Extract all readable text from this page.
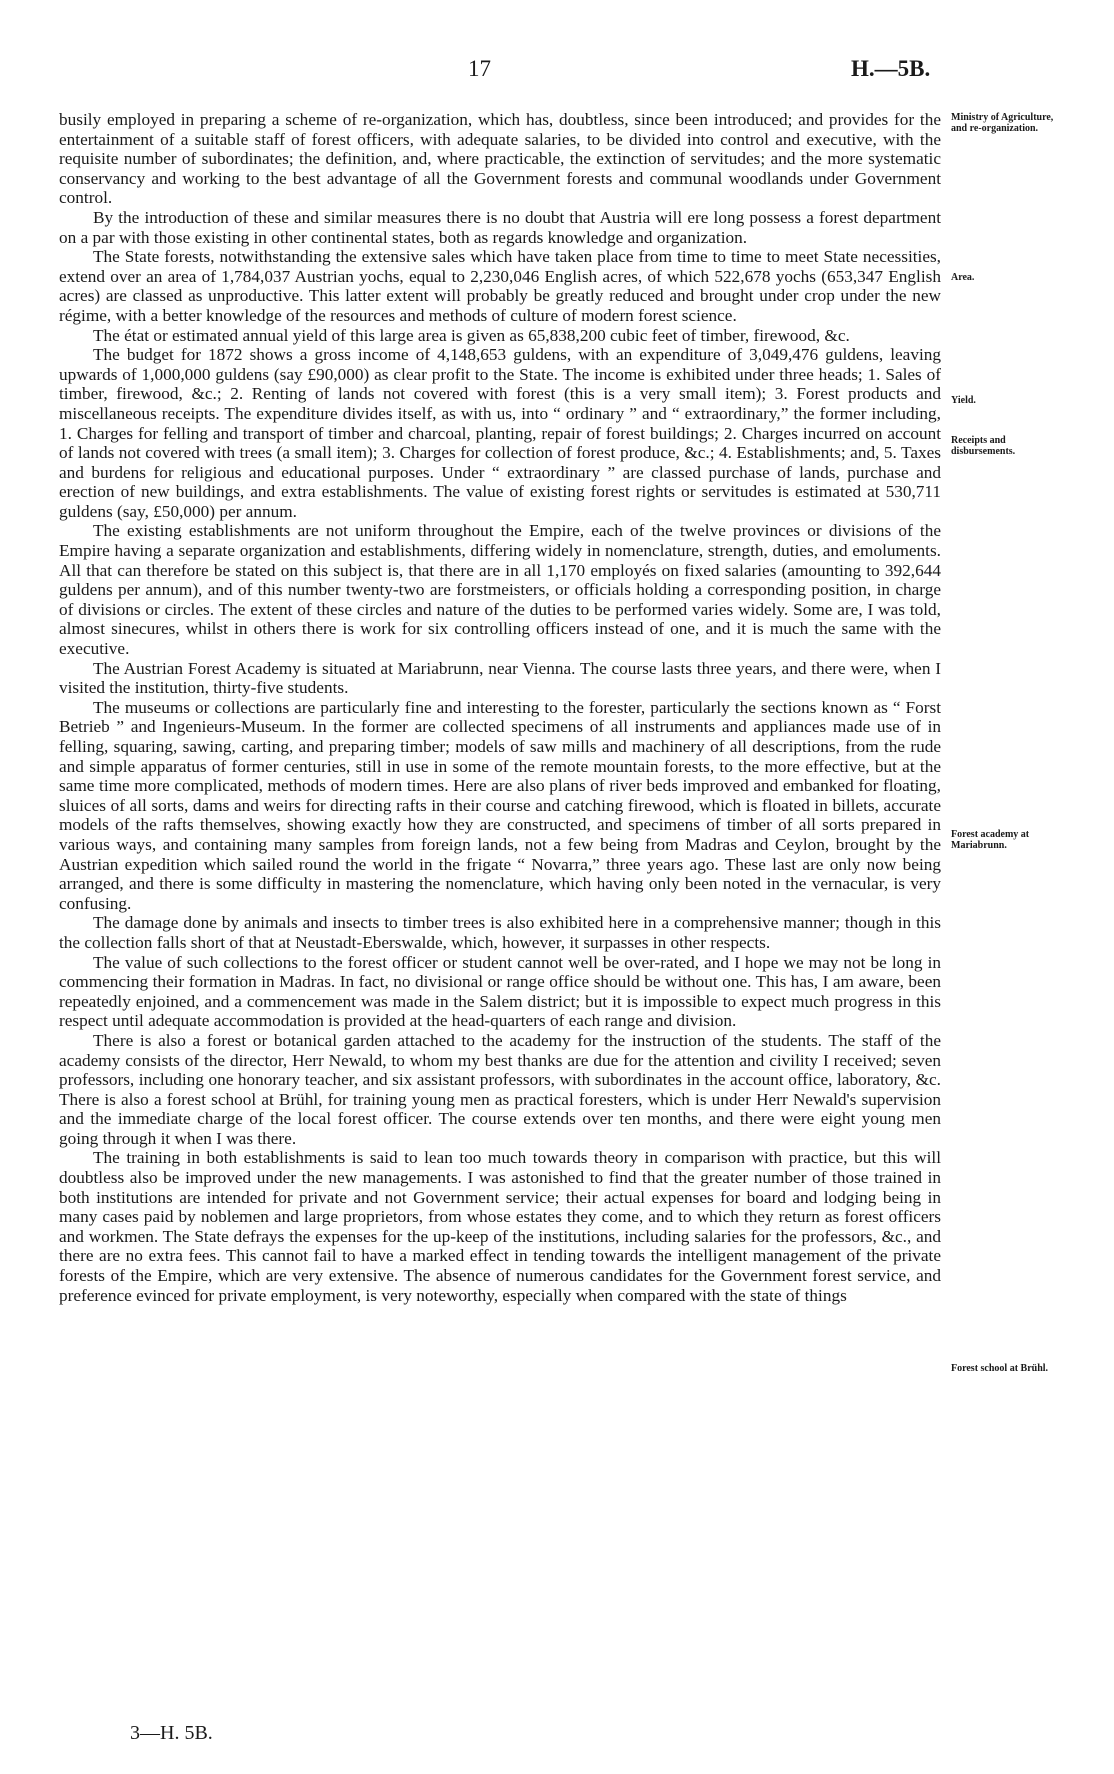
17	H.—5B.

busily employed in preparing a scheme of re-organization, which has, doubtless, since been introduced; and provides for the entertainment of a suitable staff of forest officers, with adequate salaries, to be divided into control and executive, with the requisite number of subordinates; the definition, and, where practicable, the extinction of servitudes; and the more systematic conservancy and working to the best advantage of all the Government forests and communal woodlands under Government control.

By the introduction of these and similar measures there is no doubt that Austria will ere long possess a forest department on a par with those existing in other continental states, both as regards knowledge and organization.

The State forests, notwithstanding the extensive sales which have taken place from time to time to meet State necessities, extend over an area of 1,784,037 Austrian yochs, equal to 2,230,046 English acres, of which 522,678 yochs (653,347 English acres) are classed as unproductive. This latter extent will probably be greatly reduced and brought under crop under the new régime, with a better knowledge of the resources and methods of culture of modern forest science.

The état or estimated annual yield of this large area is given as 65,838,200 cubic feet of timber, firewood, &c.

The budget for 1872 shows a gross income of 4,148,653 guldens, with an expenditure of 3,049,476 guldens, leaving upwards of 1,000,000 guldens (say £90,000) as clear profit to the State. The income is exhibited under three heads; 1. Sales of timber, firewood, &c.; 2. Renting of lands not covered with forest (this is a very small item); 3. Forest products and miscellaneous receipts. The expenditure divides itself, as with us, into “ ordinary ” and “ extraordinary,” the former including, 1. Charges for felling and transport of timber and charcoal, planting, repair of forest buildings; 2. Charges incurred on account of lands not covered with trees (a small item); 3. Charges for collection of forest produce, &c.; 4. Establishments; and, 5. Taxes and burdens for religious and educational purposes. Under “ extraordinary ” are classed purchase of lands, purchase and erection of new buildings, and extra establishments. The value of existing forest rights or servitudes is estimated at 530,711 guldens (say, £50,000) per annum.

The existing establishments are not uniform throughout the Empire, each of the twelve provinces or divisions of the Empire having a separate organization and establishments, differing widely in nomenclature, strength, duties, and emoluments. All that can therefore be stated on this subject is, that there are in all 1,170 employés on fixed salaries (amounting to 392,644 guldens per annum), and of this number twenty-two are forstmeisters, or officials holding a corresponding position, in charge of divisions or circles. The extent of these circles and nature of the duties to be performed varies widely. Some are, I was told, almost sinecures, whilst in others there is work for six controlling officers instead of one, and it is much the same with the executive.

The Austrian Forest Academy is situated at Mariabrunn, near Vienna. The course lasts three years, and there were, when I visited the institution, thirty-five students.

The museums or collections are particularly fine and interesting to the forester, particularly the sections known as “ Forst Betrieb ” and Ingenieurs-Museum. In the former are collected specimens of all instruments and appliances made use of in felling, squaring, sawing, carting, and preparing timber; models of saw mills and machinery of all descriptions, from the rude and simple apparatus of former centuries, still in use in some of the remote mountain forests, to the more effective, but at the same time more complicated, methods of modern times. Here are also plans of river beds improved and embanked for floating, sluices of all sorts, dams and weirs for directing rafts in their course and catching firewood, which is floated in billets, accurate models of the rafts themselves, showing exactly how they are constructed, and specimens of timber of all sorts prepared in various ways, and containing many samples from foreign lands, not a few being from Madras and Ceylon, brought by the Austrian expedition which sailed round the world in the frigate “ Novarra,” three years ago. These last are only now being arranged, and there is some difficulty in mastering the nomenclature, which having only been noted in the vernacular, is very confusing.

The damage done by animals and insects to timber trees is also exhibited here in a comprehensive manner; though in this the collection falls short of that at Neustadt-Eberswalde, which, however, it surpasses in other respects.

The value of such collections to the forest officer or student cannot well be over-rated, and I hope we may not be long in commencing their formation in Madras. In fact, no divisional or range office should be without one. This has, I am aware, been repeatedly enjoined, and a commencement was made in the Salem district; but it is impossible to expect much progress in this respect until adequate accommodation is provided at the head-quarters of each range and division.

There is also a forest or botanical garden attached to the academy for the instruction of the students. The staff of the academy consists of the director, Herr Newald, to whom my best thanks are due for the attention and civility I received; seven professors, including one honorary teacher, and six assistant professors, with subordinates in the account office, laboratory, &c. There is also a forest school at Brühl, for training young men as practical foresters, which is under Herr Newald's supervision and the immediate charge of the local forest officer. The course extends over ten months, and there were eight young men going through it when I was there.

The training in both establishments is said to lean too much towards theory in comparison with practice, but this will doubtless also be improved under the new managements. I was astonished to find that the greater number of those trained in both institutions are intended for private and not Government service; their actual expenses for board and lodging being in many cases paid by noblemen and large proprietors, from whose estates they come, and to which they return as forest officers and workmen. The State defrays the expenses for the up-keep of the institutions, including salaries for the professors, &c., and there are no extra fees. This cannot fail to have a marked effect in tending towards the intelligent management of the private forests of the Empire, which are very extensive. The absence of numerous candidates for the Government forest service, and preference evinced for private employment, is very noteworthy, especially when compared with the state of things

Ministry of Agriculture, and re-organization.
Area.
Yield.
Receipts and disbursements.
Forest academy at Mariabrunn.
Forest school at Brühl.
3—H. 5B.
